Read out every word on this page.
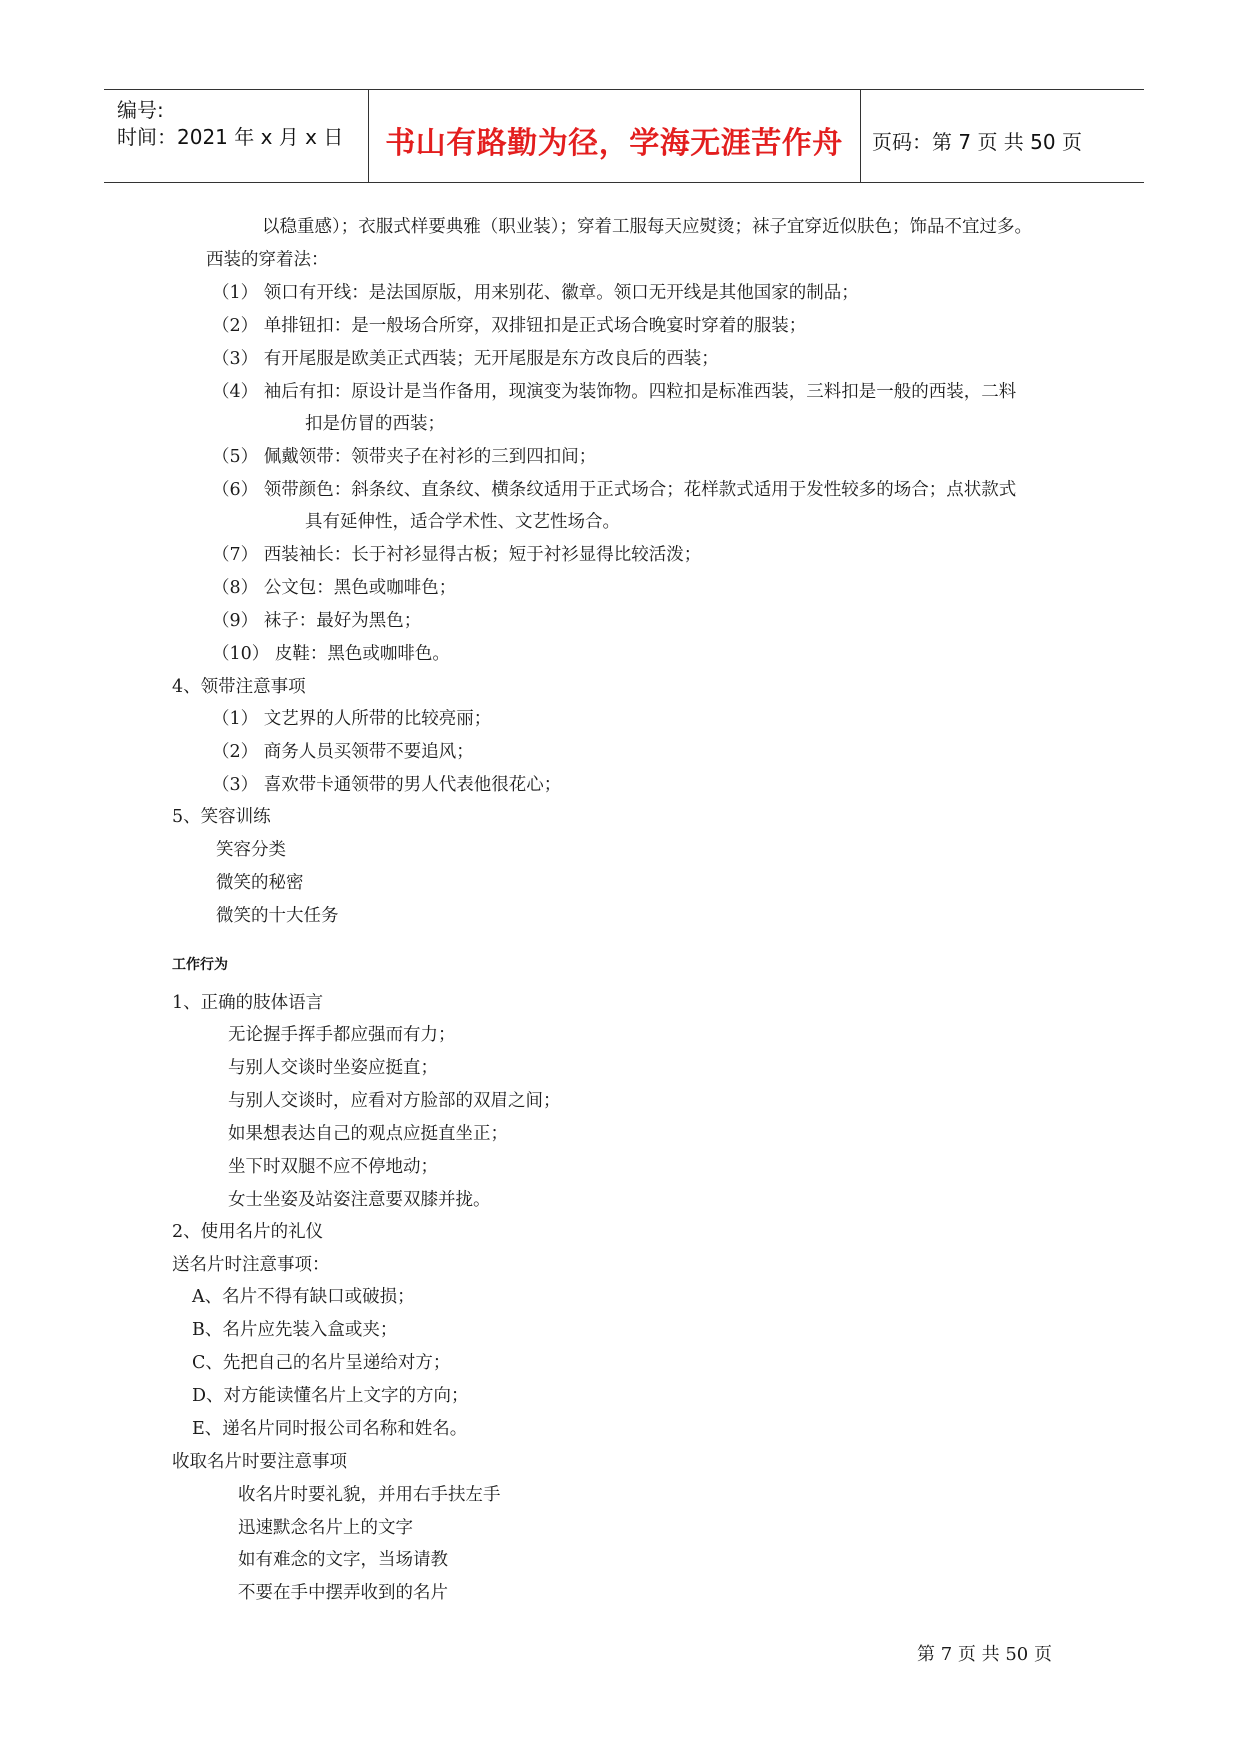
编号:
时间：2021 年 x 月 x 日	书山有路勤为径，学海无涯苦作舟	页码：第 7 页 共 50 页
以稳重感）；衣服式样要典雅（职业装）；穿着工服每天应熨烫；袜子宜穿近似肤色；饰品不宜过多。
西装的穿着法：
（1） 领口有开线：是法国原版，用来别花、徽章。领口无开线是其他国家的制品；
（2） 单排钮扣：是一般场合所穿，双排钮扣是正式场合晚宴时穿着的服装；
（3） 有开尾服是欧美正式西装；无开尾服是东方改良后的西装；
（4） 袖后有扣：原设计是当作备用，现演变为装饰物。四粒扣是标准西装，三料扣是一般的西装，二料
扣是仿冒的西装；
（5） 佩戴领带：领带夹子在衬衫的三到四扣间；
（6） 领带颜色：斜条纹、直条纹、横条纹适用于正式场合；花样款式适用于发性较多的场合；点状款式
具有延伸性，适合学术性、文艺性场合。
（7） 西装袖长：长于衬衫显得古板；短于衬衫显得比较活泼；
（8） 公文包：黑色或咖啡色；
（9） 袜子：最好为黑色；
（10） 皮鞋：黑色或咖啡色。
4、领带注意事项
（1） 文艺界的人所带的比较亮丽；
（2） 商务人员买领带不要追风；
（3） 喜欢带卡通领带的男人代表他很花心；
5、笑容训练
笑容分类
微笑的秘密
微笑的十大任务
工作行为
1、正确的肢体语言
无论握手挥手都应强而有力；
与别人交谈时坐姿应挺直；
与别人交谈时，应看对方脸部的双眉之间；
如果想表达自己的观点应挺直坐正；
坐下时双腿不应不停地动；
女士坐姿及站姿注意要双膝并拢。
2、使用名片的礼仪
送名片时注意事项：
A、名片不得有缺口或破损；
B、名片应先装入盒或夹；
C、先把自己的名片呈递给对方；
D、对方能读懂名片上文字的方向；
E、递名片同时报公司名称和姓名。
收取名片时要注意事项
收名片时要礼貌，并用右手扶左手
迅速默念名片上的文字
如有难念的文字，当场请教
不要在手中摆弄收到的名片
第 7 页 共 50 页
